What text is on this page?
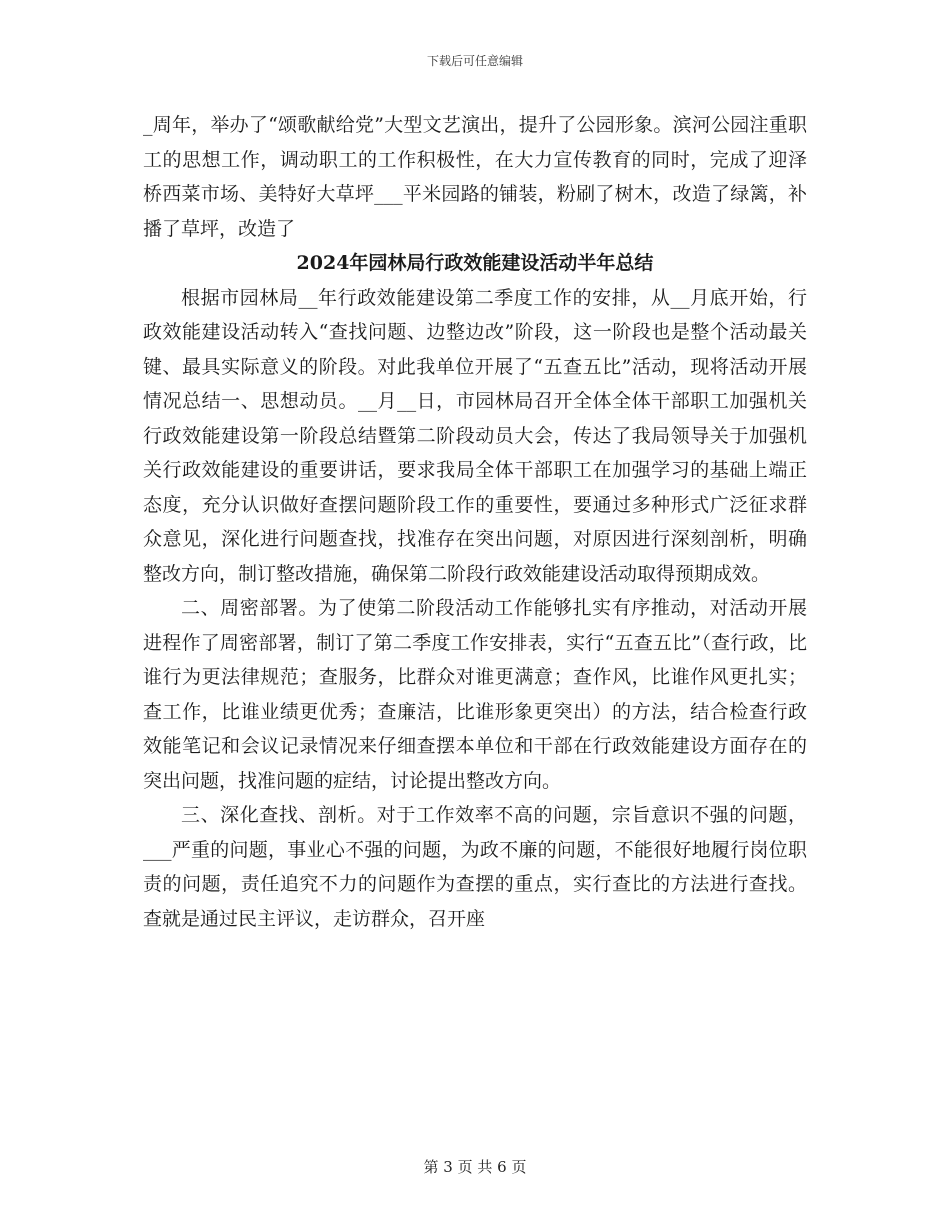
下载后可任意编辑

_周年，举办了“颂歌献给党”大型文艺演出，提升了公园形象。滨河公园注重职工的思想工作，调动职工的工作积极性，在大力宣传教育的同时，完成了迎泽桥西菜市场、美特好大草坪___平米园路的铺装，粉刷了树木，改造了绿篱，补播了草坪，改造了

2024年园林局行政效能建设活动半年总结

根据市园林局__年行政效能建设第二季度工作的安排，从__月底开始，行政效能建设活动转入“查找问题、边整边改”阶段，这一阶段也是整个活动最关键、最具实际意义的阶段。对此我单位开展了“五查五比”活动，现将活动开展情况总结一、思想动员。__月__日，市园林局召开全体全体干部职工加强机关行政效能建设第一阶段总结暨第二阶段动员大会，传达了我局领导关于加强机关行政效能建设的重要讲话，要求我局全体干部职工在加强学习的基础上端正态度，充分认识做好查摆问题阶段工作的重要性，要通过多种形式广泛征求群众意见，深化进行问题查找，找准存在突出问题，对原因进行深刻剖析，明确整改方向，制订整改措施，确保第二阶段行政效能建设活动取得预期成效。

二、周密部署。为了使第二阶段活动工作能够扎实有序推动，对活动开展进程作了周密部署，制订了第二季度工作安排表，实行“五查五比”（查行政，比谁行为更法律规范；查服务，比群众对谁更满意；查作风，比谁作风更扎实；查工作，比谁业绩更优秀；查廉洁，比谁形象更突出）的方法，结合检查行政效能笔记和会议记录情况来仔细查摆本单位和干部在行政效能建设方面存在的突出问题，找准问题的症结，讨论提出整改方向。

三、深化查找、剖析。对于工作效率不高的问题，宗旨意识不强的问题，___严重的问题，事业心不强的问题，为政不廉的问题，不能很好地履行岗位职责的问题，责任追究不力的问题作为查摆的重点，实行查比的方法进行查找。查就是通过民主评议，走访群众，召开座

第 3 页 共 6 页
